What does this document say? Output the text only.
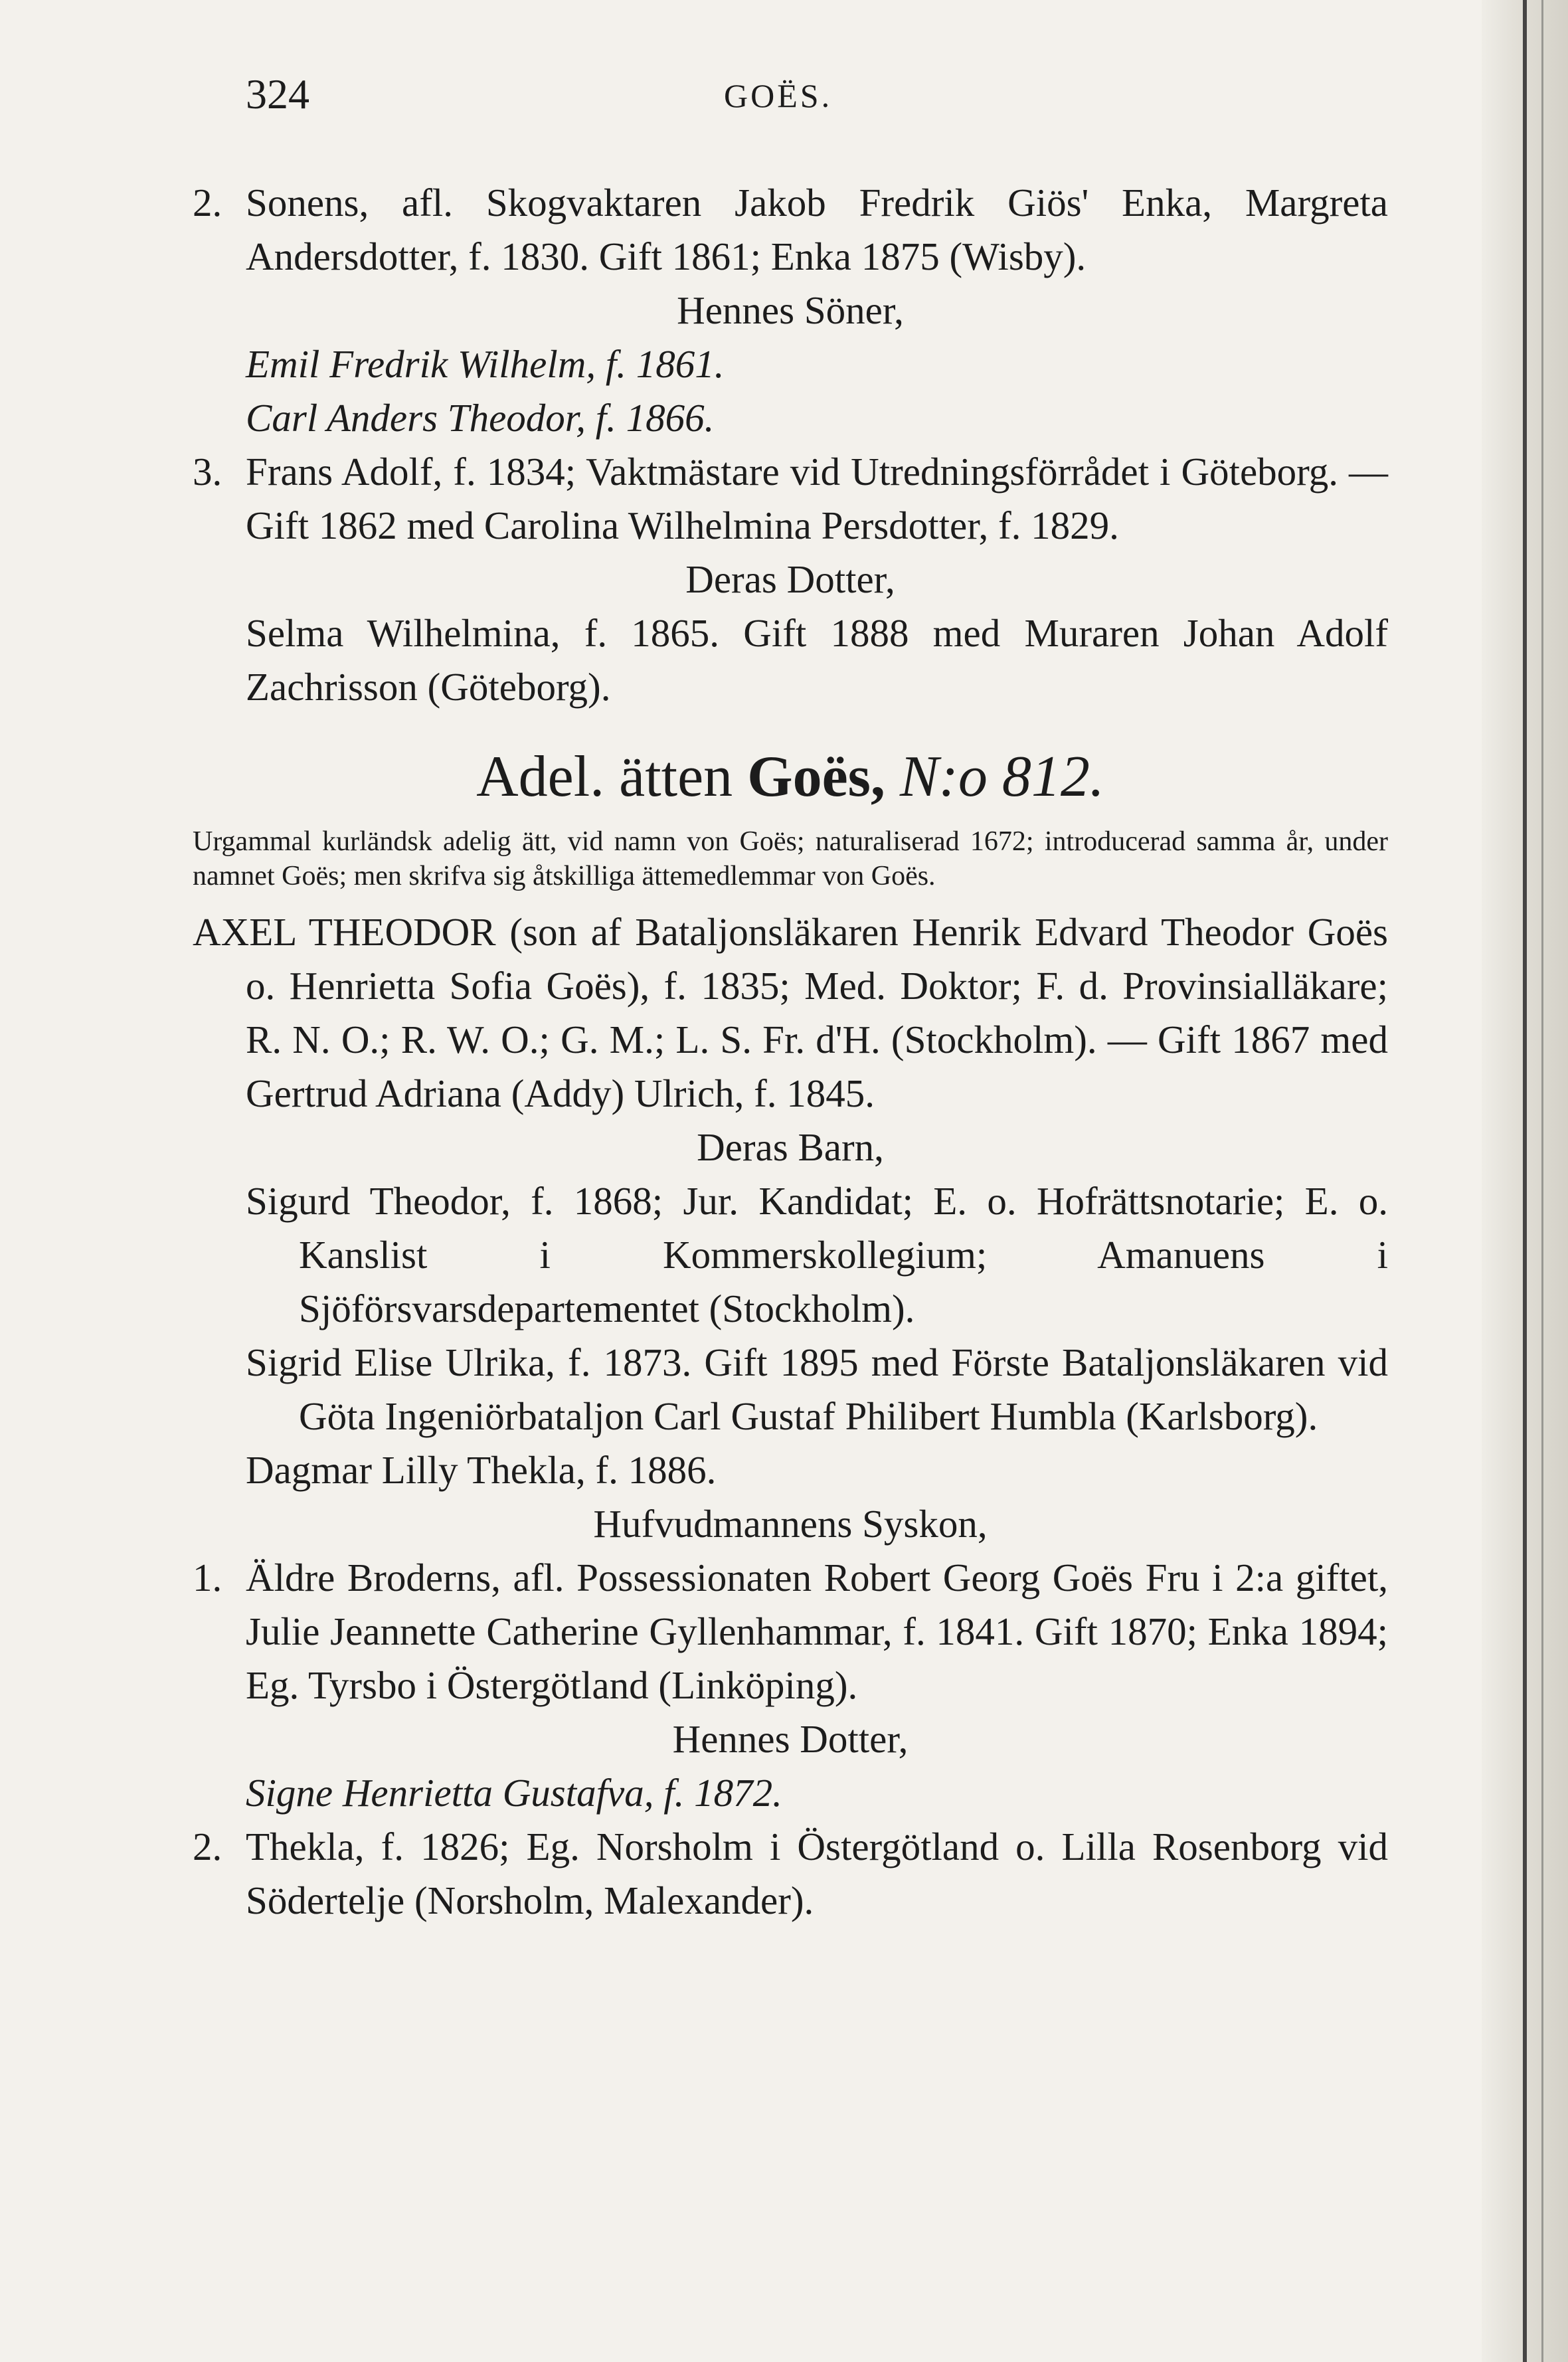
324	GOËS.

2. Sonens, afl. Skogvaktaren Jakob Fredrik Giös' Enka, Margreta Andersdotter, f. 1830. Gift 1861; Enka 1875 (Wisby).

Hennes Söner,

Emil Fredrik Wilhelm, f. 1861.

Carl Anders Theodor, f. 1866.

3. Frans Adolf, f. 1834; Vaktmästare vid Utredningsförrådet i Göteborg. — Gift 1862 med Carolina Wilhelmina Persdotter, f. 1829.

Deras Dotter,

Selma Wilhelmina, f. 1865. Gift 1888 med Muraren Johan Adolf Zachrisson (Göteborg).

Adel. ätten Goës, N:o 812.

Urgammal kurländsk adelig ätt, vid namn von Goës; naturaliserad 1672; introducerad samma år, under namnet Goës; men skrifva sig åtskilliga ättemedlemmar von Goës.

AXEL THEODOR (son af Bataljonsläkaren Henrik Edvard Theodor Goës o. Henrietta Sofia Goës), f. 1835; Med. Doktor; F. d. Provinsialläkare; R. N. O.; R. W. O.; G. M.; L. S. Fr. d'H. (Stockholm). — Gift 1867 med Gertrud Adriana (Addy) Ulrich, f. 1845.

Deras Barn,

Sigurd Theodor, f. 1868; Jur. Kandidat; E. o. Hofrättsnotarie; E. o. Kanslist i Kommerskollegium; Amanuens i Sjöförsvarsdepartementet (Stockholm).

Sigrid Elise Ulrika, f. 1873. Gift 1895 med Förste Bataljonsläkaren vid Göta Ingeniörbataljon Carl Gustaf Philibert Humbla (Karlsborg).

Dagmar Lilly Thekla, f. 1886.

Hufvudmannens Syskon,

1. Äldre Broderns, afl. Possessionaten Robert Georg Goës Fru i 2:a giftet, Julie Jeannette Catherine Gyllenhammar, f. 1841. Gift 1870; Enka 1894; Eg. Tyrsbo i Östergötland (Linköping).

Hennes Dotter,

Signe Henrietta Gustafva, f. 1872.

2. Thekla, f. 1826; Eg. Norsholm i Östergötland o. Lilla Rosenborg vid Södertelje (Norsholm, Malexander).
